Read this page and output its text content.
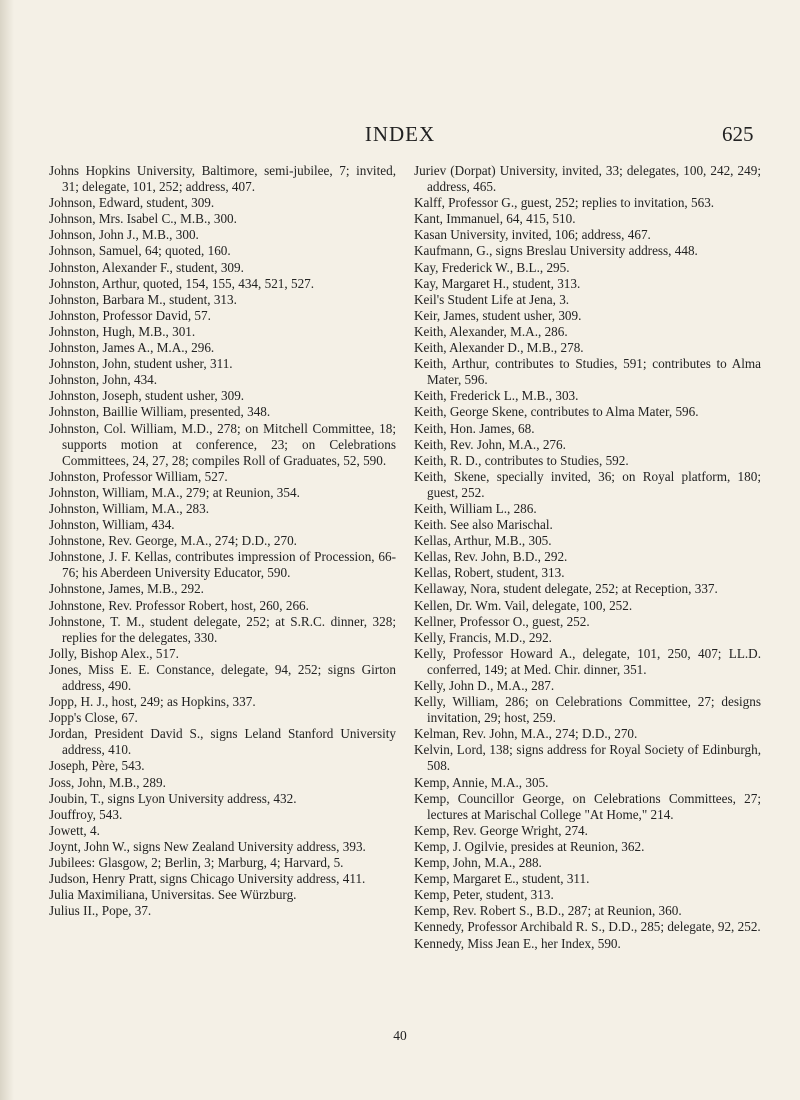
INDEX	625

Johns Hopkins University, Baltimore, semi-jubilee, 7; invited, 31; delegate, 101, 252; address, 407.

Johnson, Edward, student, 309.

Johnson, Mrs. Isabel C., M.B., 300.

Johnson, John J., M.B., 300.

Johnson, Samuel, 64; quoted, 160.

Johnston, Alexander F., student, 309.

Johnston, Arthur, quoted, 154, 155, 434, 521, 527.

Johnston, Barbara M., student, 313.

Johnston, Professor David, 57.

Johnston, Hugh, M.B., 301.

Johnston, James A., M.A., 296.

Johnston, John, student usher, 311.

Johnston, John, 434.

Johnston, Joseph, student usher, 309.

Johnston, Baillie William, presented, 348.

Johnston, Col. William, M.D., 278; on Mitchell Committee, 18; supports motion at conference, 23; on Celebrations Committees, 24, 27, 28; compiles Roll of Graduates, 52, 590.

Johnston, Professor William, 527.

Johnston, William, M.A., 279; at Reunion, 354.

Johnston, William, M.A., 283.

Johnston, William, 434.

Johnstone, Rev. George, M.A., 274; D.D., 270.

Johnstone, J. F. Kellas, contributes impression of Procession, 66-76; his Aberdeen University Educator, 590.

Johnstone, James, M.B., 292.

Johnstone, Rev. Professor Robert, host, 260, 266.

Johnstone, T. M., student delegate, 252; at S.R.C. dinner, 328; replies for the delegates, 330.

Jolly, Bishop Alex., 517.

Jones, Miss E. E. Constance, delegate, 94, 252; signs Girton address, 490.

Jopp, H. J., host, 249; as Hopkins, 337.

Jopp's Close, 67.

Jordan, President David S., signs Leland Stanford University address, 410.

Joseph, Père, 543.

Joss, John, M.B., 289.

Joubin, T., signs Lyon University address, 432.

Jouffroy, 543.

Jowett, 4.

Joynt, John W., signs New Zealand University address, 393.

Jubilees: Glasgow, 2; Berlin, 3; Marburg, 4; Harvard, 5.

Judson, Henry Pratt, signs Chicago University address, 411.

Julia Maximiliana, Universitas. See Würzburg.

Julius II., Pope, 37.

Juriev (Dorpat) University, invited, 33; delegates, 100, 242, 249; address, 465.

Kalff, Professor G., guest, 252; replies to invitation, 563.

Kant, Immanuel, 64, 415, 510.

Kasan University, invited, 106; address, 467.

Kaufmann, G., signs Breslau University address, 448.

Kay, Frederick W., B.L., 295.

Kay, Margaret H., student, 313.

Keil's Student Life at Jena, 3.

Keir, James, student usher, 309.

Keith, Alexander, M.A., 286.

Keith, Alexander D., M.B., 278.

Keith, Arthur, contributes to Studies, 591; contributes to Alma Mater, 596.

Keith, Frederick L., M.B., 303.

Keith, George Skene, contributes to Alma Mater, 596.

Keith, Hon. James, 68.

Keith, Rev. John, M.A., 276.

Keith, R. D., contributes to Studies, 592.

Keith, Skene, specially invited, 36; on Royal platform, 180; guest, 252.

Keith, William L., 286.

Keith. See also Marischal.

Kellas, Arthur, M.B., 305.

Kellas, Rev. John, B.D., 292.

Kellas, Robert, student, 313.

Kellaway, Nora, student delegate, 252; at Reception, 337.

Kellen, Dr. Wm. Vail, delegate, 100, 252.

Kellner, Professor O., guest, 252.

Kelly, Francis, M.D., 292.

Kelly, Professor Howard A., delegate, 101, 250, 407; LL.D. conferred, 149; at Med. Chir. dinner, 351.

Kelly, John D., M.A., 287.

Kelly, William, 286; on Celebrations Committee, 27; designs invitation, 29; host, 259.

Kelman, Rev. John, M.A., 274; D.D., 270.

Kelvin, Lord, 138; signs address for Royal Society of Edinburgh, 508.

Kemp, Annie, M.A., 305.

Kemp, Councillor George, on Celebrations Committees, 27; lectures at Marischal College "At Home," 214.

Kemp, Rev. George Wright, 274.

Kemp, J. Ogilvie, presides at Reunion, 362.

Kemp, John, M.A., 288.

Kemp, Margaret E., student, 311.

Kemp, Peter, student, 313.

Kemp, Rev. Robert S., B.D., 287; at Reunion, 360.

Kennedy, Professor Archibald R. S., D.D., 285; delegate, 92, 252.

Kennedy, Miss Jean E., her Index, 590.

40
